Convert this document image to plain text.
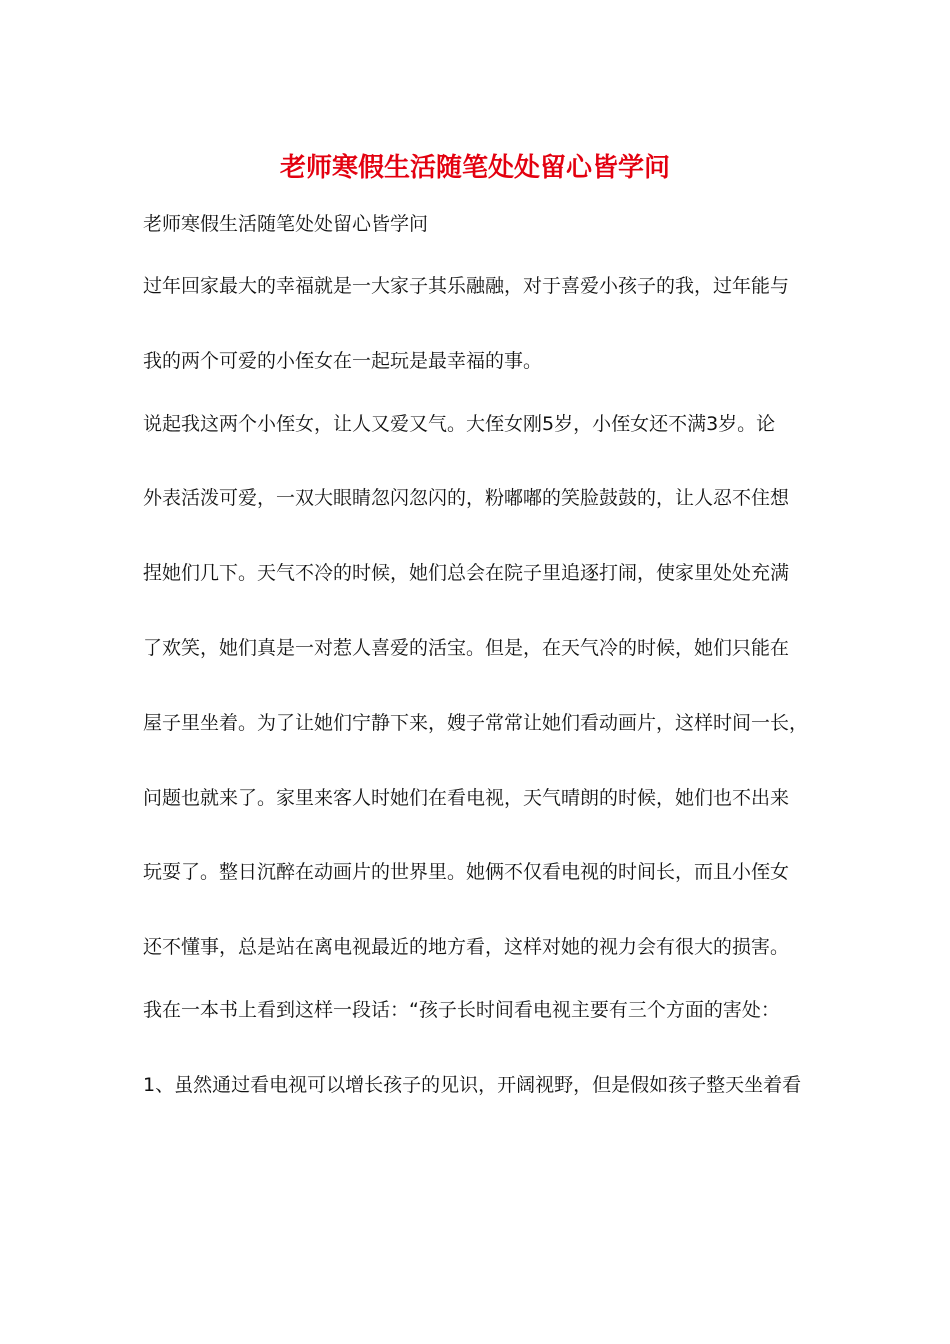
老师寒假生活随笔处处留心皆学问
老师寒假生活随笔处处留心皆学问
过年回家最大的幸福就是一大家子其乐融融，对于喜爱小孩子的我，过年能与
我的两个可爱的小侄女在一起玩是最幸福的事。
说起我这两个小侄女，让人又爱又气。大侄女刚5岁，小侄女还不满3岁。论
外表活泼可爱，一双大眼睛忽闪忽闪的，粉嘟嘟的笑脸鼓鼓的，让人忍不住想
捏她们几下。天气不冷的时候，她们总会在院子里追逐打闹，使家里处处充满
了欢笑，她们真是一对惹人喜爱的活宝。但是，在天气冷的时候，她们只能在
屋子里坐着。为了让她们宁静下来，嫂子常常让她们看动画片，这样时间一长，
问题也就来了。家里来客人时她们在看电视，天气晴朗的时候，她们也不出来
玩耍了。整日沉醉在动画片的世界里。她俩不仅看电视的时间长，而且小侄女
还不懂事，总是站在离电视最近的地方看，这样对她的视力会有很大的损害。
我在一本书上看到这样一段话：“孩子长时间看电视主要有三个方面的害处：
1、虽然通过看电视可以增长孩子的见识，开阔视野，但是假如孩子整天坐着看
